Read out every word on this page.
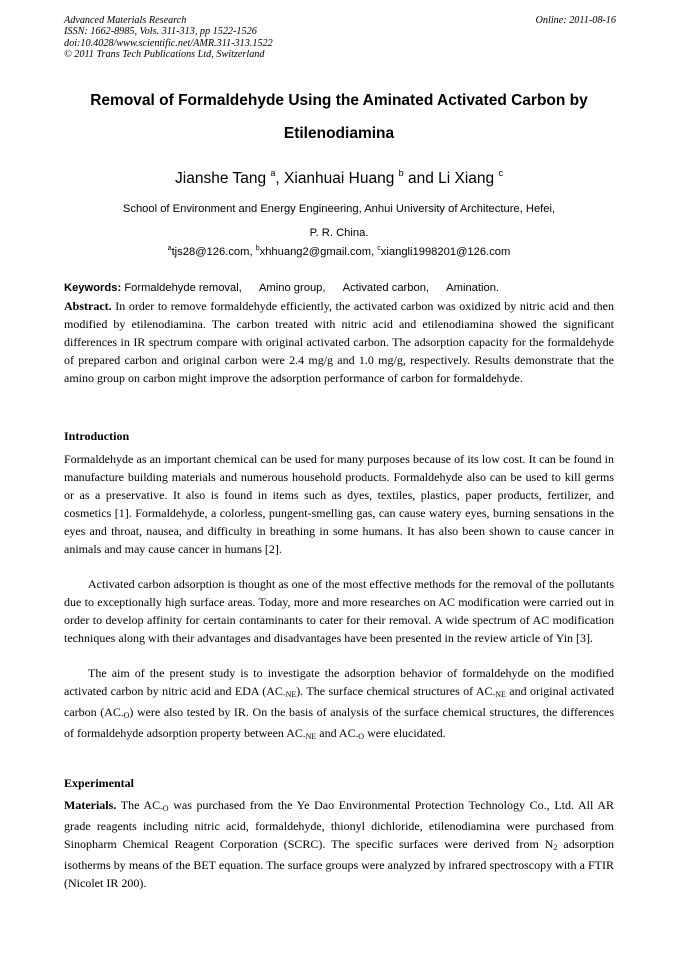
Advanced Materials Research
ISSN: 1662-8985, Vols. 311-313, pp 1522-1526
doi:10.4028/www.scientific.net/AMR.311-313.1522
© 2011 Trans Tech Publications Ltd, Switzerland
Online: 2011-08-16
Removal of Formaldehyde Using the Aminated Activated Carbon by
Etilenodiamina
Jianshe Tang $^a$, Xianhuai Huang $^b$ and Li Xiang $^c$
School of Environment and Energy Engineering, Anhui University of Architecture, Hefei,
P. R. China.
$^a$tjs28@126.com, $^b$xhhuang2@gmail.com, $^c$xiangli1998201@126.com
Keywords: Formaldehyde removal, Amino group, Activated carbon, Amination.
Abstract. In order to remove formaldehyde efficiently, the activated carbon was oxidized by nitric acid and then modified by etilenodiamina. The carbon treated with nitric acid and etilenodiamina showed the significant differences in IR spectrum compare with original activated carbon. The adsorption capacity for the formaldehyde of prepared carbon and original carbon were 2.4 mg/g and 1.0 mg/g, respectively. Results demonstrate that the amino group on carbon might improve the adsorption performance of carbon for formaldehyde.
Introduction
Formaldehyde as an important chemical can be used for many purposes because of its low cost. It can be found in manufacture building materials and numerous household products. Formaldehyde also can be used to kill germs or as a preservative. It also is found in items such as dyes, textiles, plastics, paper products, fertilizer, and cosmetics [1]. Formaldehyde, a colorless, pungent-smelling gas, can cause watery eyes, burning sensations in the eyes and throat, nausea, and difficulty in breathing in some humans. It has also been shown to cause cancer in animals and may cause cancer in humans [2].
Activated carbon adsorption is thought as one of the most effective methods for the removal of the pollutants due to exceptionally high surface areas. Today, more and more researches on AC modification were carried out in order to develop affinity for certain contaminants to cater for their removal. A wide spectrum of AC modification techniques along with their advantages and disadvantages have been presented in the review article of Yin [3].
The aim of the present study is to investigate the adsorption behavior of formaldehyde on the modified activated carbon by nitric acid and EDA $(AC_{-NE})$. The surface chemical structures of $AC_{-NE}$ and original activated carbon $(AC_{-O})$ were also tested by IR. On the basis of analysis of the surface chemical structures, the differences of formaldehyde adsorption property between $AC_{-NE}$ and $AC_{-O}$ were elucidated.
Experimental
Materials. The $AC_{-O}$ was purchased from the Ye Dao Environmental Protection Technology Co., Ltd. All AR grade reagents including nitric acid, formaldehyde, thionyl dichloride, etilenodiamina were purchased from Sinopharm Chemical Reagent Corporation (SCRC). The specific surfaces were derived from $N_2$ adsorption isotherms by means of the BET equation. The surface groups were analyzed by infrared spectroscopy with a FTIR (Nicolet IR 200).
